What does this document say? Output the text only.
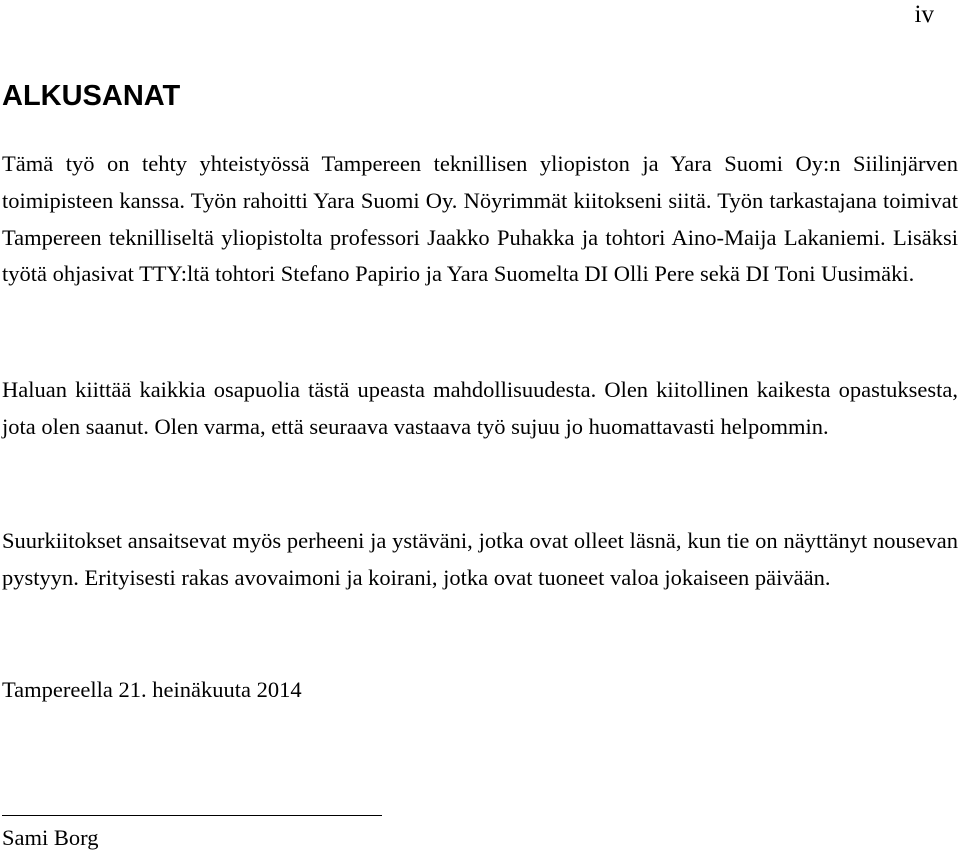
iv
ALKUSANAT

Tämä työ on tehty yhteistyössä Tampereen teknillisen yliopiston ja Yara Suomi Oy:n Siilinjärven toimipisteen kanssa. Työn rahoitti Yara Suomi Oy. Nöyrimmät kiitokseni siitä. Työn tarkastajana toimivat Tampereen teknilliseltä yliopistolta professori Jaakko Puhakka ja tohtori Aino-Maija Lakaniemi. Lisäksi työtä ohjasivat TTY:ltä tohtori Stefano Papirio ja Yara Suomelta DI Olli Pere sekä DI Toni Uusimäki.

Haluan kiittää kaikkia osapuolia tästä upeasta mahdollisuudesta. Olen kiitollinen kaikesta opastuksesta, jota olen saanut. Olen varma, että seuraava vastaava työ sujuu jo huomattavasti helpommin.

Suurkiitokset ansaitsevat myös perheeni ja ystäväni, jotka ovat olleet läsnä, kun tie on näyttänyt nousevan pystyyn. Erityisesti rakas avovaimoni ja koirani, jotka ovat tuoneet valoa jokaiseen päivään.

Tampereella 21. heinäkuuta 2014
Sami Borg
